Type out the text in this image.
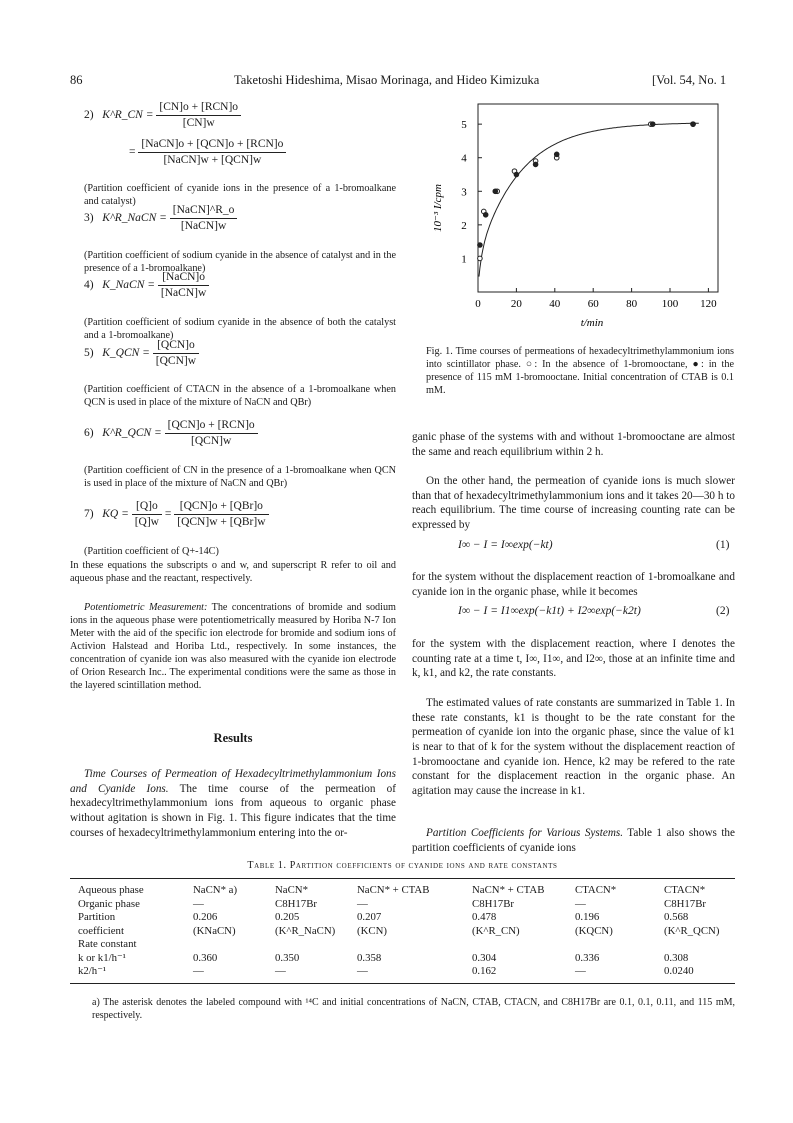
86	Taketoshi Hideshima, Misao Morinaga, and Hideo Kimizuka	[Vol. 54, No. 1
2) K^R_CN = $\frac{\text{[CN]o + [RCN]o}}{[CN]w}$
= $\frac{\text{[NaCN]o + [QCN]o + [RCN]o}}{\text{[NaCN]w + [QCN]w}}$

(Partition coefficient of cyanide ions in the presence of a 1-bromoalkane and catalyst)

3) K^R_NaCN = $\frac{\text{[NaCN]\textasciicircum{}R\_o}}{\text{[NaCN]w}}$

(Partition coefficient of sodium cyanide in the absence of catalyst and in the presence of a 1-bromoalkane)

4) K_NaCN = $\frac{\text{[NaCN]o}}{\text{[NaCN]w}}$

(Partition coefficient of sodium cyanide in the absence of both the catalyst and a 1-bromoalkane)

5) K_QCN = $\frac{\text{[QCN]o}}{\text{[QCN]w}}$

(Partition coefficient of CTACN in the absence of a 1-bromoalkane when QCN is used in place of the mixture of NaCN and QBr)

6) K^R_QCN = $\frac{\text{[QCN]o + [RCN]o}}{\text{[QCN]w}}$

(Partition coefficient of CN in the presence of a 1-bromoalkane when QCN is used in place of the mixture of NaCN and QBr)

7) KQ = $\frac{[Q]o}{[Q]w} = \frac{\text{[QCN]o + [QBr]o}}{\text{[QCN]w + [QBr]w}}$

(Partition coefficient of Q+-14C)

In these equations the subscripts o and w, and superscript R refer to oil and aqueous phase and the reactant, respectively.

Potentiometric Measurement: The concentrations of bromide and sodium ions in the aqueous phase were potentiometrically measured by Horiba N-7 Ion Meter with the aid of the specific ion electrode for bromide and sodium ions of Activion Halstead and Horiba Ltd., respectively. In some instances, the concentration of cyanide ion was also measured with the cyanide ion electrode of Orion Research Inc.. The experimental conditions were the same as those in the layered scintillation method.

Results

Time Courses of Permeation of Hexadecyltrimethylammonium Ions and Cyanide Ions. The time course of the permeation of hexadecyltrimethylammonium ions from aqueous to organic phase without agitation is shown in Fig. 1. This figure indicates that the time courses of hexadecyltrimethylammonium entering into the or-

0	20 40 60 80 100 120
1
2
3
4
5
10⁻³ I/cpm
t/min

Fig. 1. Time courses of permeations of hexadecyltrimethylammonium ions into scintillator phase. ○: In the absence of 1-bromooctane, ●: in the presence of 115 mM 1-bromooctane. Initial concentration of CTAB is 0.1 mM.

ganic phase of the systems with and without 1-bromooctane are almost the same and reach equilibrium within 2 h.

On the other hand, the permeation of cyanide ions is much slower than that of hexadecyltrimethylammonium ions and it takes 20—30 h to reach equilibrium. The time course of increasing counting rate can be expressed by

I∞ − I = I∞exp(−kt)	(1)

for the system without the displacement reaction of 1-bromoalkane and cyanide ion in the organic phase, while it becomes

I∞ − I = I1∞exp(−k1t) + I2∞exp(−k2t)	(2)

for the system with the displacement reaction, where I denotes the counting rate at a time t, I∞, I1∞, and I2∞, those at an infinite time and k, k1, and k2, the rate constants.

The estimated values of rate constants are summarized in Table 1. In these rate constants, k1 is thought to be the rate constant for the permeation of cyanide ion into the organic phase, since the value of k1 is near to that of k for the system without the displacement reaction of 1-bromooctane and cyanide ion. Hence, k2 may be refered to the rate constant for the displacement reaction in the organic phase. An agitation may cause the increase in k1.

Partition Coefficients for Various Systems. Table 1 also shows the partition coefficients of cyanide ions

Table 1. Partition coefficients of cyanide ions and rate constants
Aqueous phase	NaCN* a)	NaCN*	NaCN* + CTAB	NaCN* + CTAB	CTACN*	CTACN*
Organic phase	—	C8H17Br	—	C8H17Br	—	C8H17Br
Partition	0.206	0.205	0.207	0.478	0.196	0.568
coefficient	(KNaCN)	(K^R_NaCN)	(KCN)	(K^R_CN)	(KQCN)	(K^R_QCN)
Rate constant						
k or k1/h⁻¹	0.360	0.350	0.358	0.304	0.336	0.308
k2/h⁻¹	—	—	—	0.162	—	0.0240

a) The asterisk denotes the labeled compound with ¹⁴C and initial concentrations of NaCN, CTAB, CTACN, and C8H17Br are 0.1, 0.1, 0.11, and 115 mM, respectively.
